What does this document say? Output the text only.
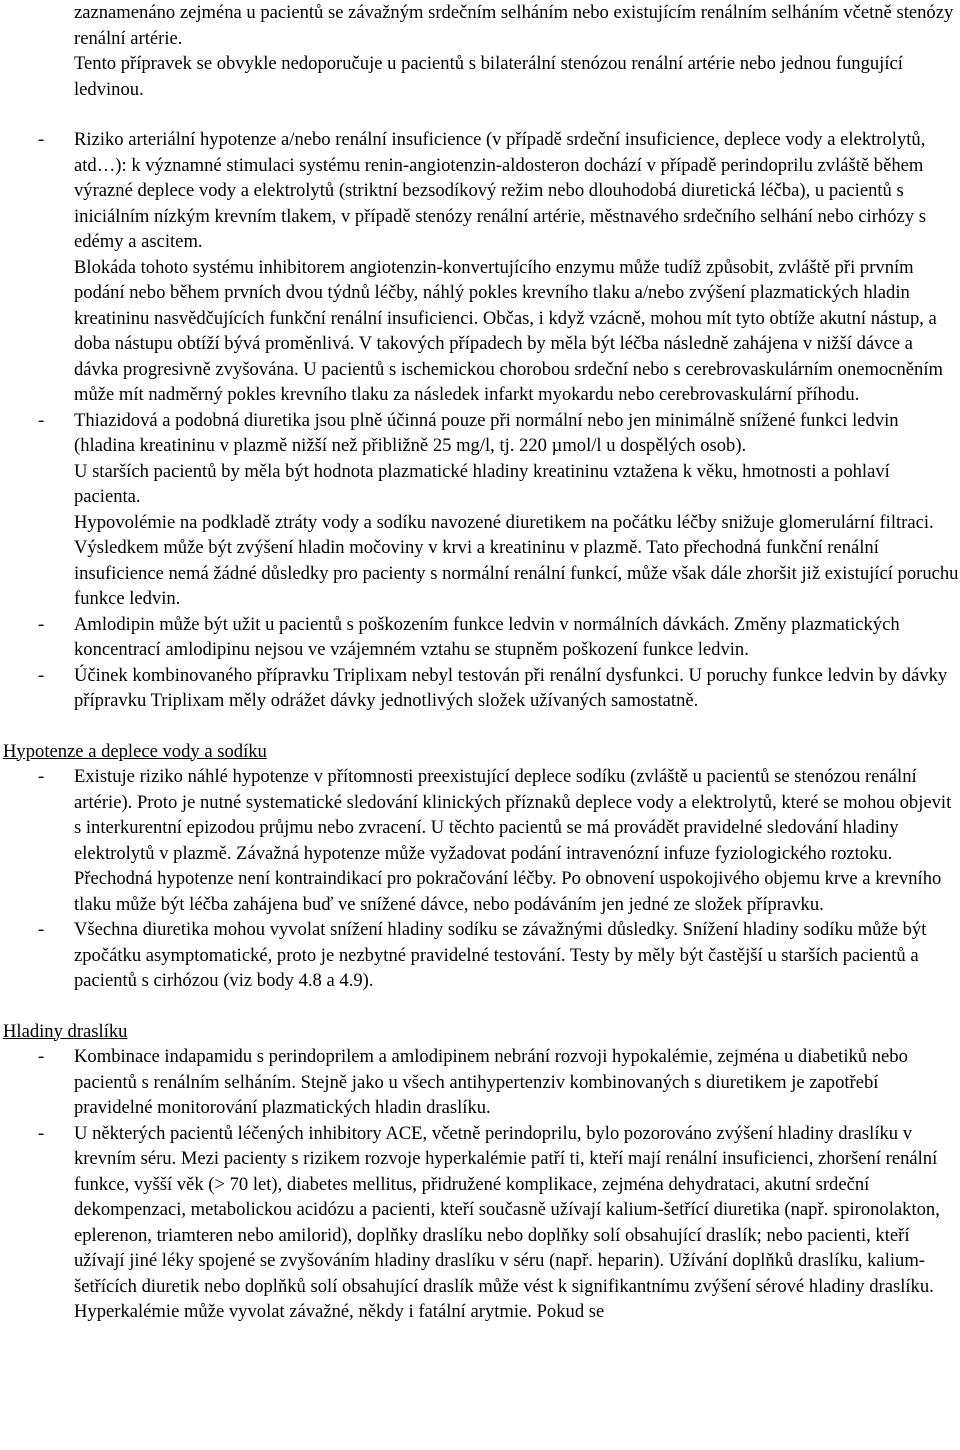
zaznamenáno zejména u pacientů se závažným srdečním selháním nebo existujícím renálním selháním včetně stenózy renální artérie.

Tento přípravek se obvykle nedoporučuje u pacientů s bilaterální stenózou renální artérie nebo jednou fungující ledvinou.

-	Riziko arteriální hypotenze a/nebo renální insuficience (v případě srdeční insuficience, deplece vody a elektrolytů, atd…): k významné stimulaci systému renin-angiotenzin-aldosteron dochází v případě perindoprilu zvláště během výrazné deplece vody a elektrolytů (striktní bezsodíkový režim nebo dlouhodobá diuretická léčba), u pacientů s iniciálním nízkým krevním tlakem, v případě stenózy renální artérie, městnavého srdečního selhání nebo cirhózy s edémy a ascitem.

Blokáda tohoto systému inhibitorem angiotenzin-konvertujícího enzymu může tudíž způsobit, zvláště při prvním podání nebo během prvních dvou týdnů léčby, náhlý pokles krevního tlaku a/nebo zvýšení plazmatických hladin kreatininu nasvědčujících funkční renální insuficienci. Občas, i když vzácně, mohou mít tyto obtíže akutní nástup, a doba nástupu obtíží bývá proměnlivá. V takových případech by měla být léčba následně zahájena v nižší dávce a dávka progresivně zvyšována. U pacientů s ischemickou chorobou srdeční nebo s cerebrovaskulárním onemocněním může mít nadměrný pokles krevního tlaku za následek infarkt myokardu nebo cerebrovaskulární příhodu.

-	Thiazidová a podobná diuretika jsou plně účinná pouze při normální nebo jen minimálně snížené funkci ledvin (hladina kreatininu v plazmě nižší než přibližně 25 mg/l, tj. 220 µmol/l u dospělých osob).

U starších pacientů by měla být hodnota plazmatické hladiny kreatininu vztažena k věku, hmotnosti a pohlaví pacienta.

Hypovolémie na podkladě ztráty vody a sodíku navozené diuretikem na počátku léčby snižuje glomerulární filtraci. Výsledkem může být zvýšení hladin močoviny v krvi a kreatininu v plazmě. Tato přechodná funkční renální insuficience nemá žádné důsledky pro pacienty s normální renální funkcí, může však dále zhoršit již existující poruchu funkce ledvin.

-	Amlodipin může být užit u pacientů s poškozením funkce ledvin v normálních dávkách. Změny plazmatických koncentrací amlodipinu nejsou ve vzájemném vztahu se stupněm poškození funkce ledvin.

-	Účinek kombinovaného přípravku Triplixam nebyl testován při renální dysfunkci. U poruchy funkce ledvin by dávky přípravku Triplixam měly odrážet dávky jednotlivých složek užívaných samostatně.

Hypotenze a deplece vody a sodíku
-	Existuje riziko náhlé hypotenze v přítomnosti preexistující deplece sodíku (zvláště u pacientů se stenózou renální artérie). Proto je nutné systematické sledování klinických příznaků deplece vody a elektrolytů, které se mohou objevit s interkurentní epizodou průjmu nebo zvracení. U těchto pacientů se má provádět pravidelné sledování hladiny elektrolytů v plazmě. Závažná hypotenze může vyžadovat podání intravenózní infuze fyziologického roztoku. Přechodná hypotenze není kontraindikací pro pokračování léčby. Po obnovení uspokojivého objemu krve a krevního tlaku může být léčba zahájena buď ve snížené dávce, nebo podáváním jen jedné ze složek přípravku.
-	Všechna diuretika mohou vyvolat snížení hladiny sodíku se závažnými důsledky. Snížení hladiny sodíku může být zpočátku asymptomatické, proto je nezbytné pravidelné testování. Testy by měly být častější u starších pacientů a pacientů s cirhózou (viz body 4.8 a 4.9).
Hladiny draslíku
-	Kombinace indapamidu s perindoprilem a amlodipinem nebrání rozvoji hypokalémie, zejména u diabetiků nebo pacientů s renálním selháním. Stejně jako u všech antihypertenziv kombinovaných s diuretikem je zapotřebí pravidelné monitorování plazmatických hladin draslíku.
-	U některých pacientů léčených inhibitory ACE, včetně perindoprilu, bylo pozorováno zvýšení hladiny draslíku v krevním séru. Mezi pacienty s rizikem rozvoje hyperkalémie patří ti, kteří mají renální insuficienci, zhoršení renální funkce, vyšší věk (> 70 let), diabetes mellitus, přidružené komplikace, zejména dehydrataci, akutní srdeční dekompenzaci, metabolickou acidózu a pacienti, kteří současně užívají kalium-šetřící diuretika (např. spironolakton, eplerenon, triamteren nebo amilorid), doplňky draslíku nebo doplňky solí obsahující draslík; nebo pacienti, kteří užívají jiné léky spojené se zvyšováním hladiny draslíku v séru (např. heparin). Užívání doplňků draslíku, kalium-šetřících diuretik nebo doplňků solí obsahující draslík může vést k signifikantnímu zvýšení sérové hladiny draslíku. Hyperkalémie může vyvolat závažné, někdy i fatální arytmie. Pokud se
